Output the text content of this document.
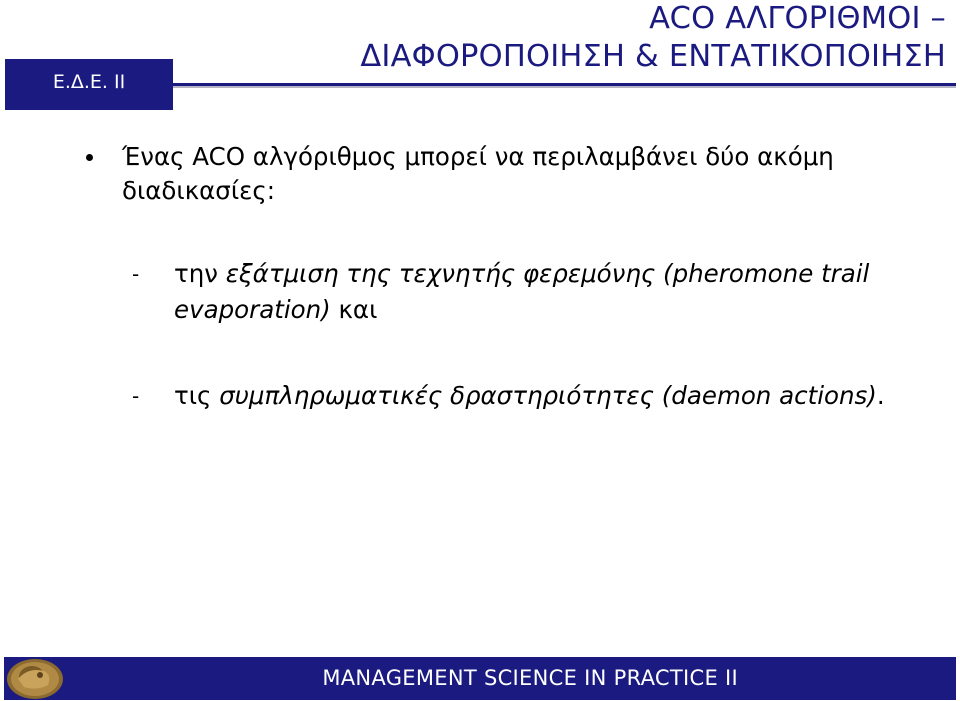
Ε.Δ.Ε. ΙΙ
ACO ΑΛΓΟΡΙΘΜΟΙ –
ΔΙΑΦΟΡΟΠΟΙΗΣΗ & ΕΝΤΑΤΙΚΟΠΟΙΗΣΗ
Ένας ACO αλγόριθμος μπορεί να περιλαμβάνει δύο ακόμη διαδικασίες:
- την εξάτμιση της τεχνητής φερεμόνης (pheromone trail
evaporation) και
- τις συμπληρωματικές δραστηριότητες (daemon actions).
MANAGEMENT SCIENCE IN PRACTICE II
